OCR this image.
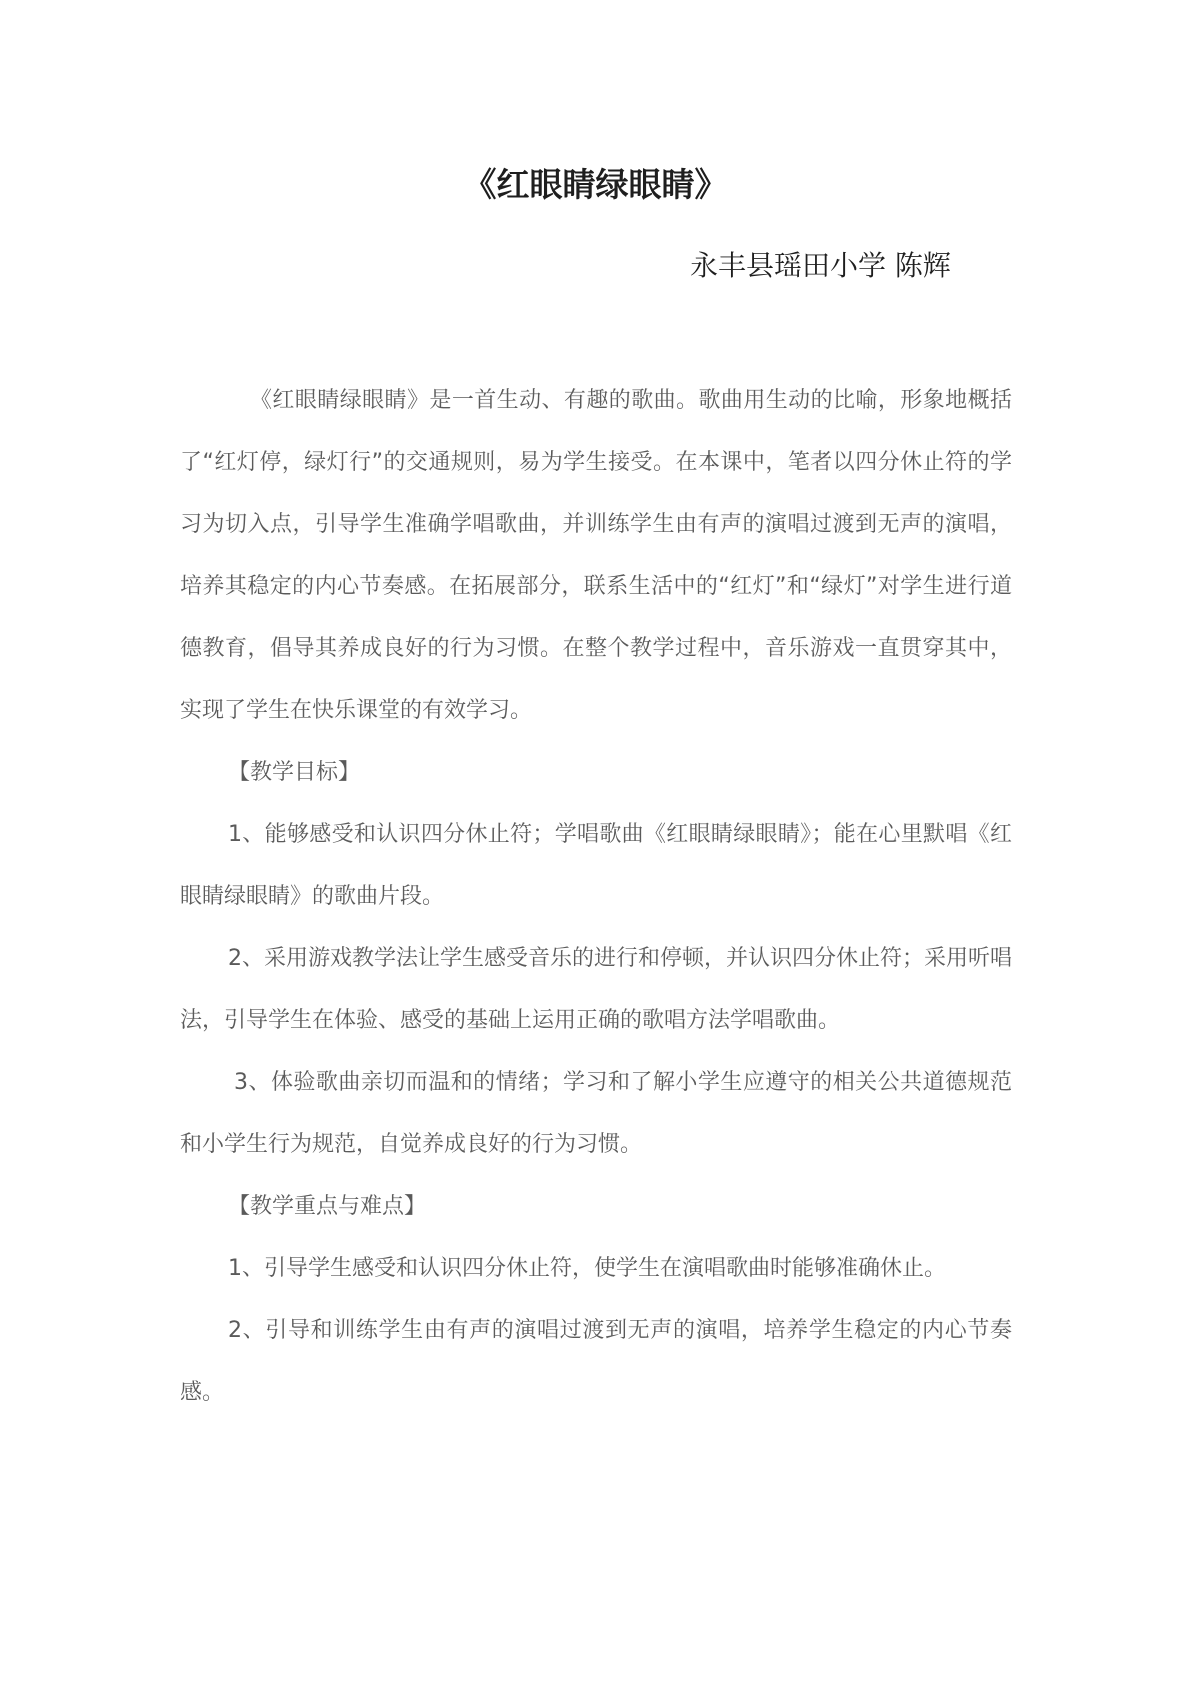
《红眼睛绿眼睛》

永丰县瑶田小学 陈辉

《红眼睛绿眼睛》是一首生动、有趣的歌曲。歌曲用生动的比喻，形象地概括了“红灯停，绿灯行”的交通规则，易为学生接受。在本课中，笔者以四分休止符的学习为切入点，引导学生准确学唱歌曲，并训练学生由有声的演唱过渡到无声的演唱，培养其稳定的内心节奏感。在拓展部分，联系生活中的“红灯”和“绿灯”对学生进行道德教育，倡导其养成良好的行为习惯。在整个教学过程中，音乐游戏一直贯穿其中，实现了学生在快乐课堂的有效学习。

【教学目标】

1、能够感受和认识四分休止符；学唱歌曲《红眼睛绿眼睛》；能在心里默唱《红眼睛绿眼睛》的歌曲片段。

2、采用游戏教学法让学生感受音乐的进行和停顿，并认识四分休止符；采用听唱法，引导学生在体验、感受的基础上运用正确的歌唱方法学唱歌曲。

3、体验歌曲亲切而温和的情绪；学习和了解小学生应遵守的相关公共道德规范和小学生行为规范，自觉养成良好的行为习惯。

【教学重点与难点】

1、引导学生感受和认识四分休止符，使学生在演唱歌曲时能够准确休止。

2、引导和训练学生由有声的演唱过渡到无声的演唱，培养学生稳定的内心节奏感。
